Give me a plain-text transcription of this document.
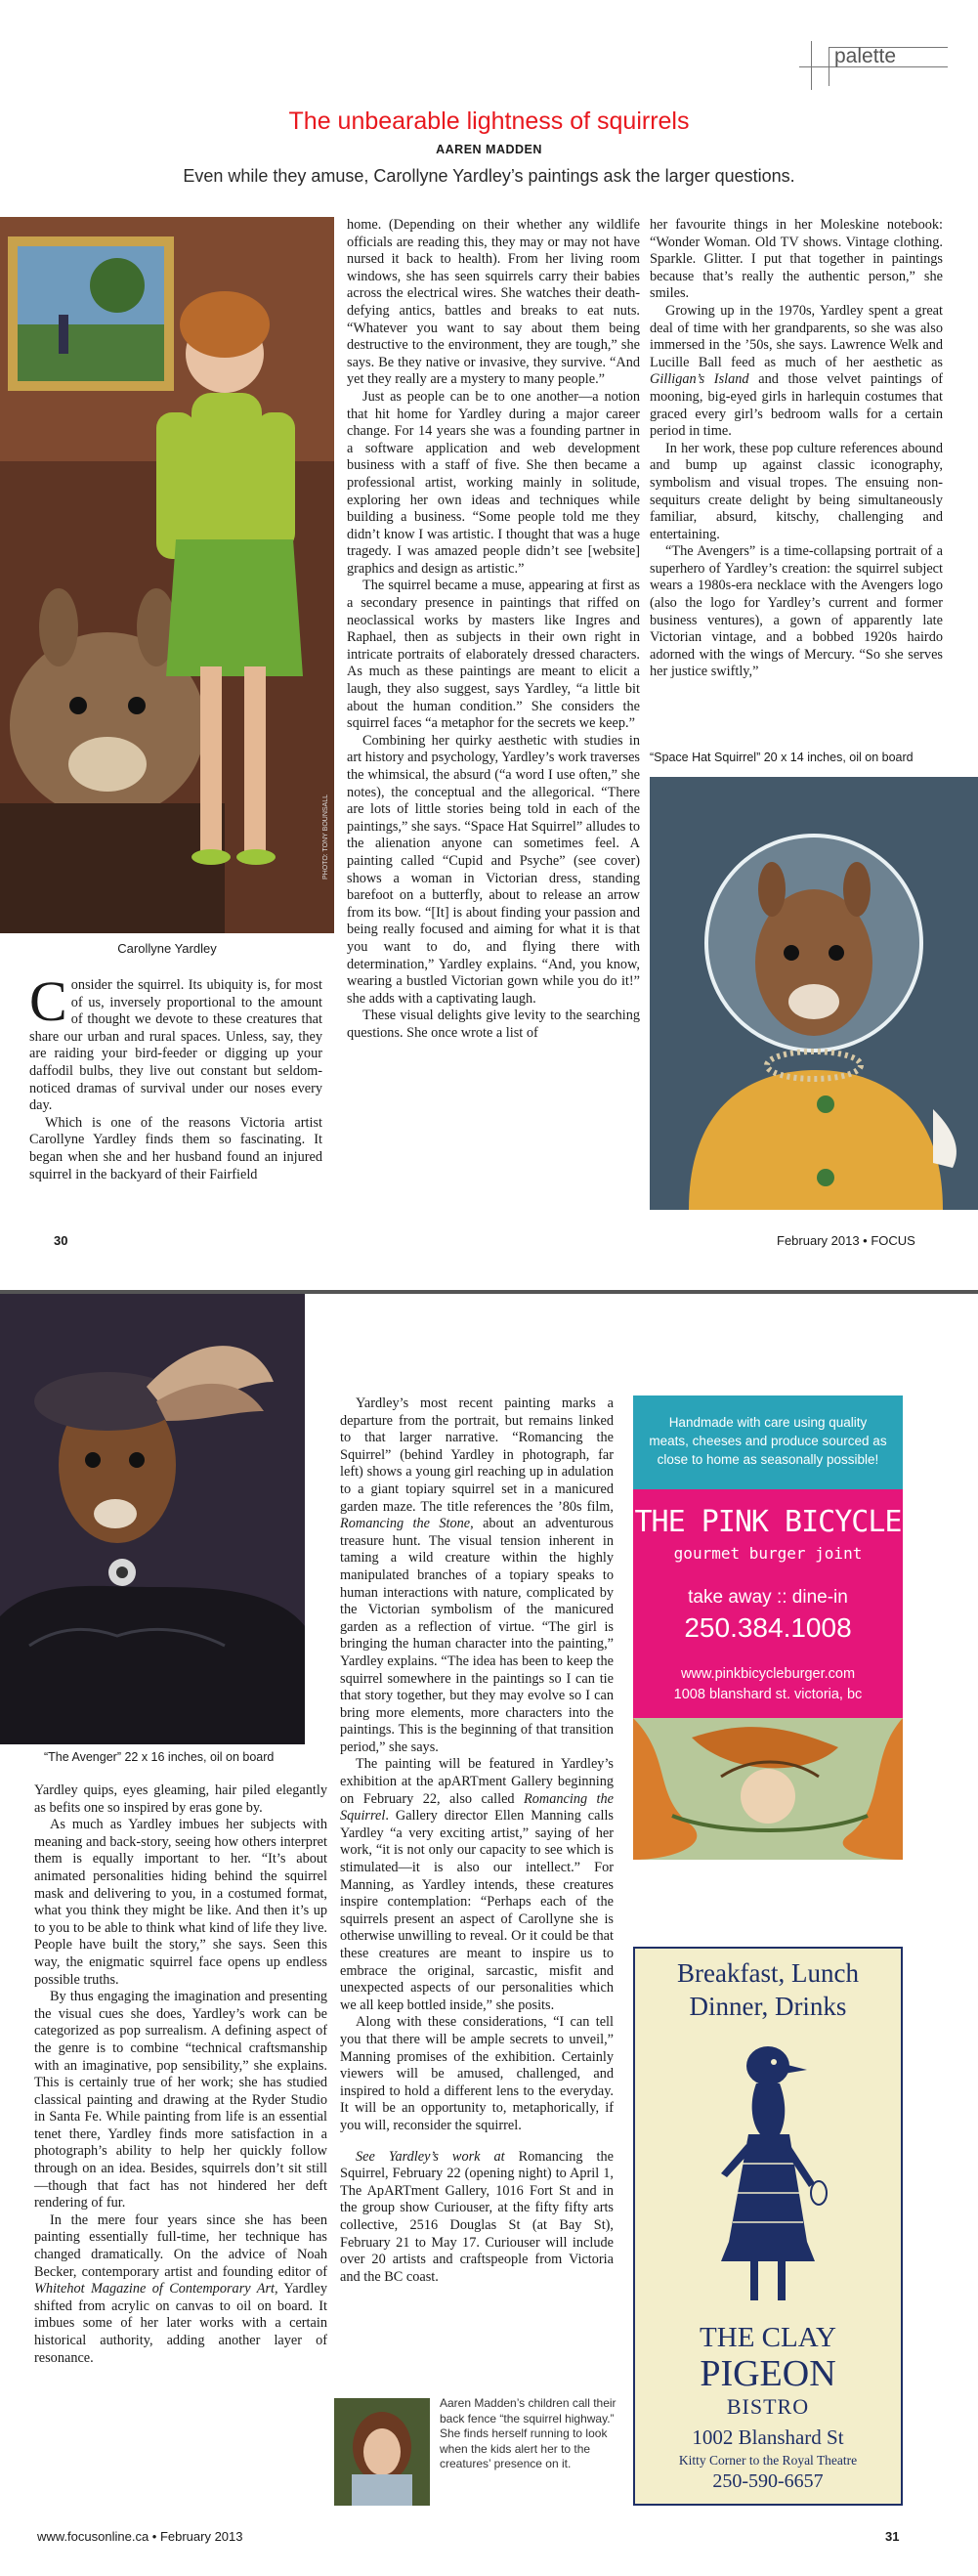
palette
The unbearable lightness of squirrels
AAREN MADDEN
Even while they amuse, Carollyne Yardley’s paintings ask the larger questions.
PHOTO: TONY BOUNSALL
Carollyne Yardley

Consider the squirrel. Its ubiquity is, for most of us, inversely proportional to the amount of thought we devote to these creatures that share our urban and rural spaces. Unless, say, they are raiding your bird-feeder or digging up your daffodil bulbs, they live out constant but seldom-noticed dramas of survival under our noses every day.

Which is one of the reasons Victoria artist Carollyne Yardley finds them so fascinating. It began when she and her husband found an injured squirrel in the backyard of their Fairfield

home. (Depending on their whether any wildlife officials are reading this, they may or may not have nursed it back to health). From her living room windows, she has seen squirrels carry their babies across the electrical wires. She watches their death-defying antics, battles and breaks to eat nuts. “Whatever you want to say about them being destructive to the environment, they are tough,” she says. Be they native or invasive, they survive. “And yet they really are a mystery to many people.”

Just as people can be to one another—a notion that hit home for Yardley during a major career change. For 14 years she was a founding partner in a software application and web development business with a staff of five. She then became a professional artist, working mainly in solitude, exploring her own ideas and techniques while building a business. “Some people told me they didn’t know I was artistic. I thought that was a huge tragedy. I was amazed people didn’t see [website] graphics and design as artistic.”

The squirrel became a muse, appearing at first as a secondary presence in paintings that riffed on neoclassical works by masters like Ingres and Raphael, then as subjects in their own right in intricate portraits of elaborately dressed characters. As much as these paintings are meant to elicit a laugh, they also suggest, says Yardley, “a little bit about the human condition.” She considers the squirrel faces “a metaphor for the secrets we keep.”

Combining her quirky aesthetic with studies in art history and psychology, Yardley’s work traverses the whimsical, the absurd (“a word I use often,” she notes), the conceptual and the allegorical. “There are lots of little stories being told in each of the paintings,” she says. “Space Hat Squirrel” alludes to the alienation anyone can sometimes feel. A painting called “Cupid and Psyche” (see cover) shows a woman in Victorian dress, standing barefoot on a butterfly, about to release an arrow from its bow. “[It] is about finding your passion and being really focused and aiming for what it is that you want to do, and flying there with determination,” Yardley explains. “And, you know, wearing a bustled Victorian gown while you do it!” she adds with a captivating laugh.

These visual delights give levity to the searching questions. She once wrote a list of

her favourite things in her Moleskine notebook: “Wonder Woman. Old TV shows. Vintage clothing. Sparkle. Glitter. I put that together in paintings because that’s really the authentic person,” she smiles.

Growing up in the 1970s, Yardley spent a great deal of time with her grandparents, so she was also immersed in the ’50s, she says. Lawrence Welk and Lucille Ball feed as much of her aesthetic as Gilligan’s Island and those velvet paintings of mooning, big-eyed girls in harlequin costumes that graced every girl’s bedroom walls for a certain period in time.

In her work, these pop culture references abound and bump up against classic iconography, symbolism and visual tropes. The ensuing non-sequiturs create delight by being simultaneously familiar, absurd, kitschy, challenging and entertaining.

“The Avengers” is a time-collapsing portrait of a superhero of Yardley’s creation: the squirrel subject wears a 1980s-era necklace with the Avengers logo (also the logo for Yardley’s current and former business ventures), a gown of apparently late Victorian vintage, and a bobbed 1920s hairdo adorned with the wings of Mercury. “So she serves her justice swiftly,”

“Space Hat Squirrel” 20 x 14 inches, oil on board
30	February 2013 • FOCUS
“The Avenger” 22 x 16 inches, oil on board

Yardley quips, eyes gleaming, hair piled elegantly as befits one so inspired by eras gone by.

As much as Yardley imbues her subjects with meaning and back-story, seeing how others interpret them is equally important to her. “It’s about animated personalities hiding behind the squirrel mask and delivering to you, in a costumed format, what you think they might be like. And then it’s up to you to be able to think what kind of life they live. People have built the story,” she says. Seen this way, the enigmatic squirrel face opens up endless possible truths.

By thus engaging the imagination and presenting the visual cues she does, Yardley’s work can be categorized as pop surrealism. A defining aspect of the genre is to combine “technical craftsmanship with an imaginative, pop sensibility,” she explains. This is certainly true of her work; she has studied classical painting and drawing at the Ryder Studio in Santa Fe. While painting from life is an essential tenet there, Yardley finds more satisfaction in a photograph’s ability to help her quickly follow through on an idea. Besides, squirrels don’t sit still—though that fact has not hindered her deft rendering of fur.

In the mere four years since she has been painting essentially full-time, her technique has changed dramatically. On the advice of Noah Becker, contemporary artist and founding editor of Whitehot Magazine of Contemporary Art, Yardley shifted from acrylic on canvas to oil on board. It imbues some of her later works with a certain historical authority, adding another layer of resonance.

Yardley’s most recent painting marks a departure from the portrait, but remains linked to that larger narrative. “Romancing the Squirrel” (behind Yardley in photograph, far left) shows a young girl reaching up in adulation to a giant topiary squirrel set in a manicured garden maze. The title references the ’80s film, Romancing the Stone, about an adventurous treasure hunt. The visual tension inherent in taming a wild creature within the highly manipulated branches of a topiary speaks to human interactions with nature, complicated by the Victorian symbolism of the manicured garden as a reflection of virtue. “The girl is bringing the human character into the painting,” Yardley explains. “The idea has been to keep the squirrel somewhere in the paintings so I can tie that story together, but they may evolve so I can bring more elements, more characters into the paintings. This is the beginning of that transition period,” she says.

The painting will be featured in Yardley’s exhibition at the apARTment Gallery beginning on February 22, also called Romancing the Squirrel. Gallery director Ellen Manning calls Yardley “a very exciting artist,” saying of her work, “it is not only our capacity to see which is stimulated—it is also our intellect.” For Manning, as Yardley intends, these creatures inspire contemplation: “Perhaps each of the squirrels present an aspect of Carollyne she is otherwise unwilling to reveal. Or it could be that these creatures are meant to inspire us to embrace the original, sarcastic, misfit and unexpected aspects of our personalities which we all keep bottled inside,” she posits.

Along with these considerations, “I can tell you that there will be ample secrets to unveil,” Manning promises of the exhibition. Certainly viewers will be amused, challenged, and inspired to hold a different lens to the everyday. It will be an opportunity to, metaphorically, if you will, reconsider the squirrel.

See Yardley’s work at Romancing the Squirrel, February 22 (opening night) to April 1, The ApARTment Gallery, 1016 Fort St and in the group show Curiouser, at the fifty fifty arts collective, 2516 Douglas St (at Bay St), February 21 to May 17. Curiouser will include over 20 artists and craftspeople from Victoria and the BC coast.

Aaren Madden’s children call their back fence “the squirrel highway.” She finds herself running to look when the kids alert her to the creatures’ presence on it.
Handmade with care using quality meats, cheeses and produce sourced as close to home as seasonally possible!
THE PINK BICYCLE
gourmet burger joint
take away :: dine-in
250.384.1008
www.pinkbicycleburger.com
1008 blanshard st. victoria, bc
Breakfast, Lunch
Dinner, Drinks
THE CLAY
PIGEON
BISTRO
1002 Blanshard St
Kitty Corner to the Royal Theatre
250-590-6657
www.focusonline.ca • February 2013	31
